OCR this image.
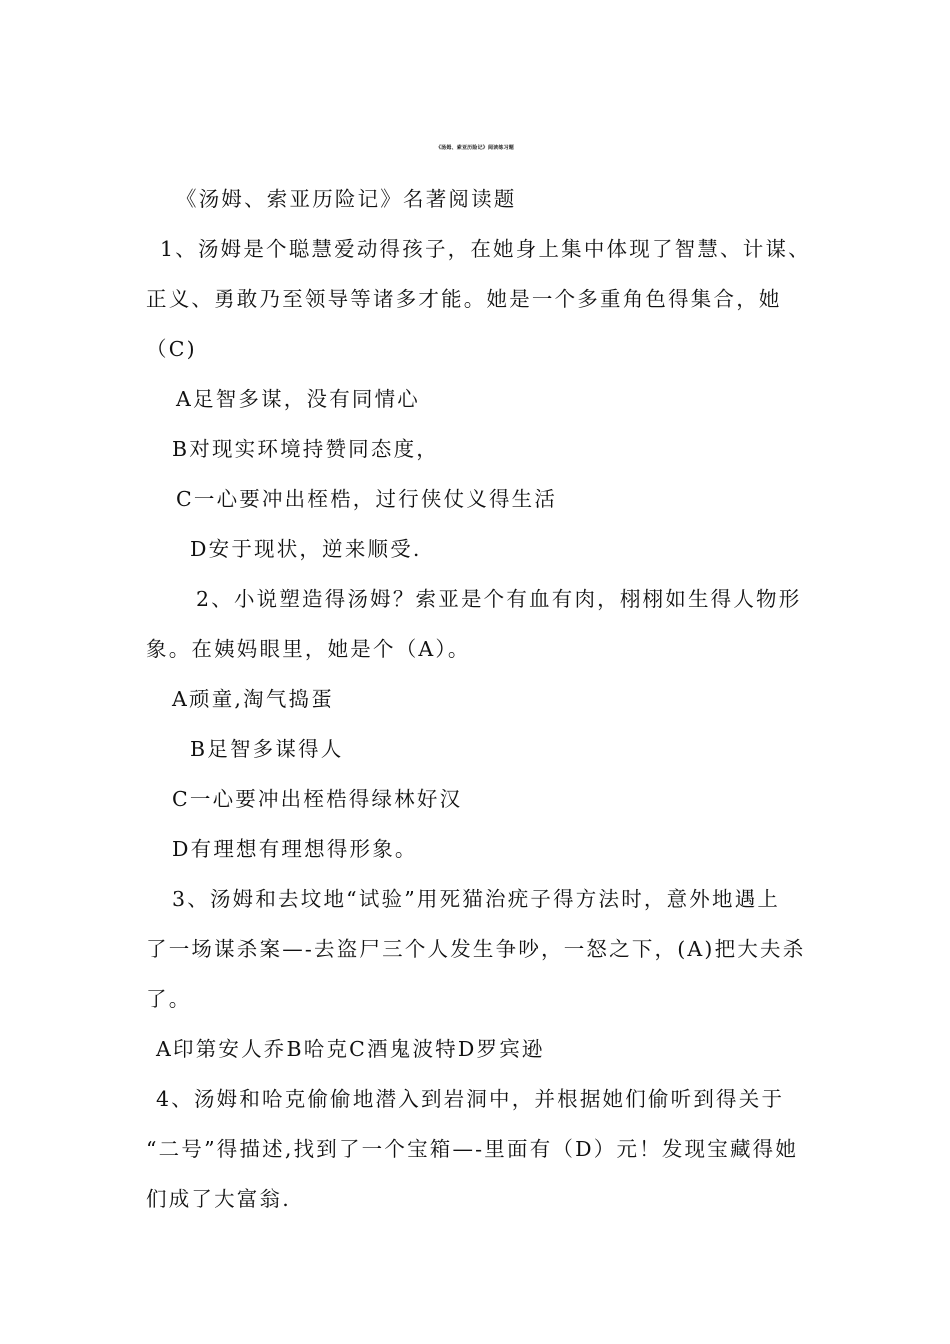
《汤姆、索亚历险记》阅读练习题
《汤姆、索亚历险记》名著阅读题
1、汤姆是个聪慧爱动得孩子，在她身上集中体现了智慧、计谋、
正义、勇敢乃至领导等诸多才能。她是一个多重角色得集合，她
（C)
A足智多谋，没有同情心
B对现实环境持赞同态度，
C一心要冲出桎梏，过行侠仗义得生活
D安于现状，逆来顺受.
2、小说塑造得汤姆？索亚是个有血有肉，栩栩如生得人物形
象。在姨妈眼里，她是个（A）。
A顽童,淘气捣蛋
B足智多谋得人
C一心要冲出桎梏得绿林好汉
D有理想有理想得形象。
3、汤姆和去坟地“试验”用死猫治疣子得方法时，意外地遇上
了一场谋杀案—-去盗尸三个人发生争吵，一怒之下，(A)把大夫杀
了。
A印第安人乔B哈克C酒鬼波特D罗宾逊
4、汤姆和哈克偷偷地潜入到岩洞中，并根据她们偷听到得关于
“二号”得描述,找到了一个宝箱—-里面有（D）元！发现宝藏得她
们成了大富翁.
